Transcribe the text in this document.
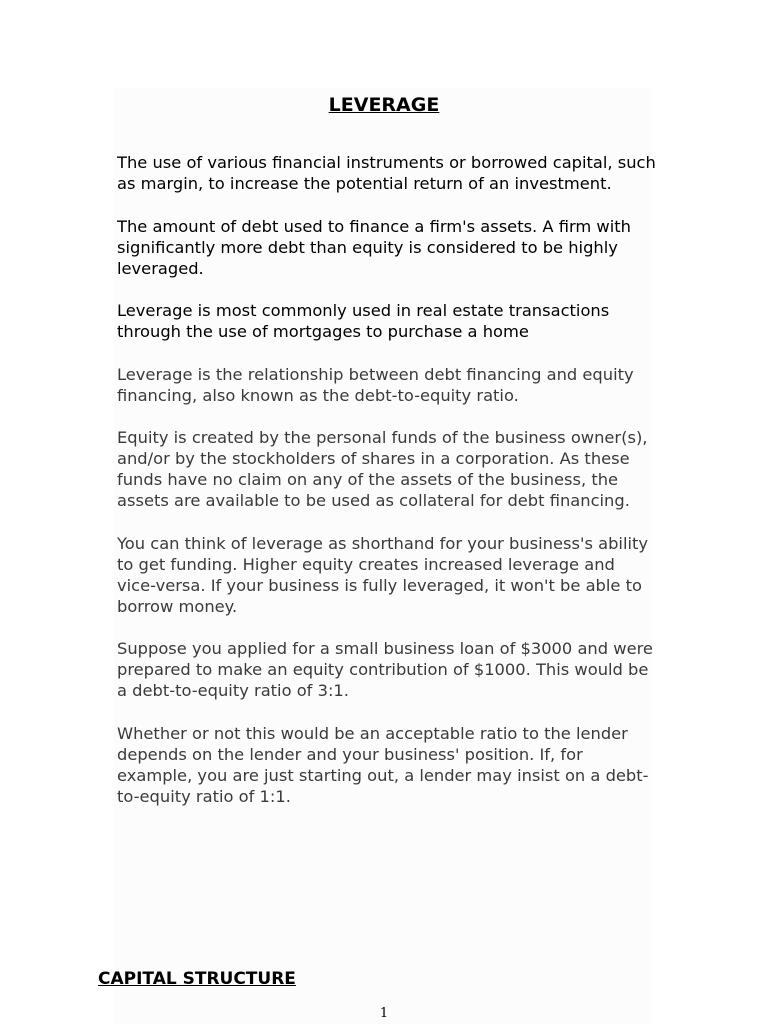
LEVERAGE

The use of various financial instruments or borrowed capital, such as margin, to increase the potential return of an investment.

The amount of debt used to finance a firm's assets. A firm with significantly more debt than equity is considered to be highly leveraged.

Leverage is most commonly used in real estate transactions through the use of mortgages to purchase a home

Leverage is the relationship between debt financing and equity financing, also known as the debt-to-equity ratio.

Equity is created by the personal funds of the business owner(s), and/or by the stockholders of shares in a corporation. As these funds have no claim on any of the assets of the business, the assets are available to be used as collateral for debt financing.

You can think of leverage as shorthand for your business's ability to get funding. Higher equity creates increased leverage and vice-versa. If your business is fully leveraged, it won't be able to borrow money.

Suppose you applied for a small business loan of $3000 and were prepared to make an equity contribution of $1000. This would be a debt-to-equity ratio of 3:1.

Whether or not this would be an acceptable ratio to the lender depends on the lender and your business' position. If, for example, you are just starting out, a lender may insist on a debt-to-equity ratio of 1:1.

CAPITAL STRUCTURE
1
